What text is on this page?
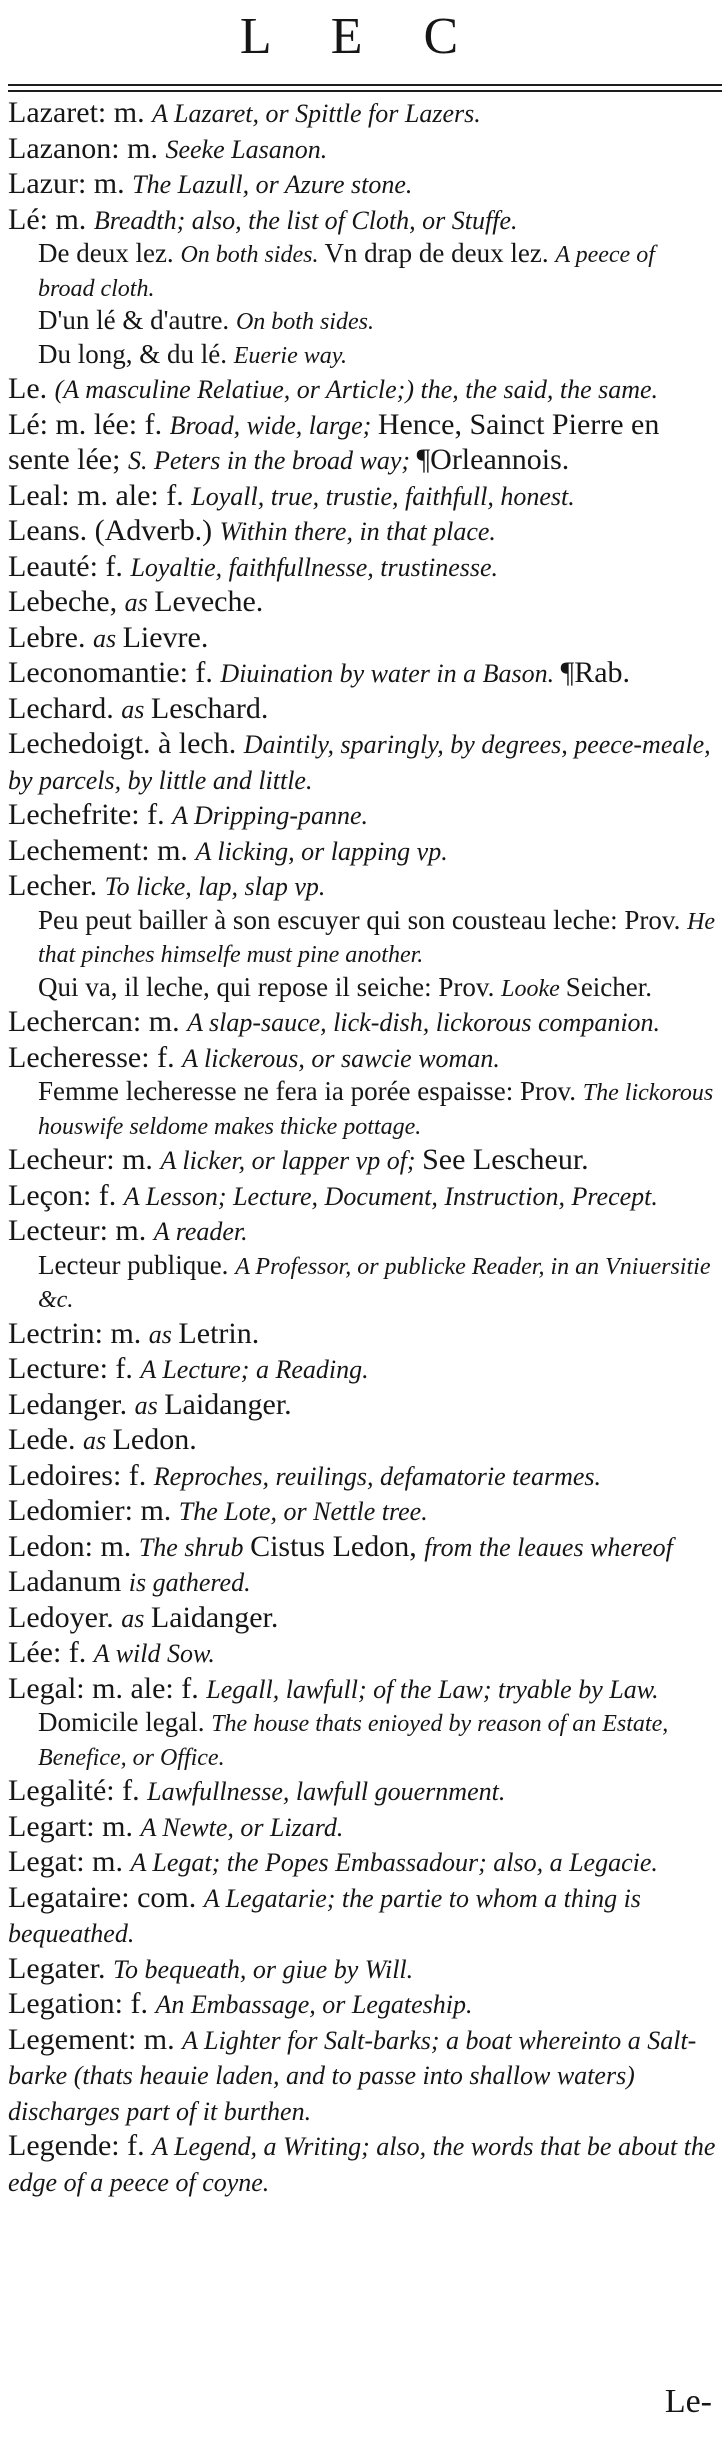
L E C

Lazaret: m. A Lazaret, or Spittle for Lazers.

Lazanon: m. Seeke Lasanon.

Lazur: m. The Lazull, or Azure stone.

Lé: m. Breadth; also, the list of Cloth, or Stuffe.

De deux lez. On both sides. Vn drap de deux lez. A peece of broad cloth.

D'un lé & d'autre. On both sides.

Du long, & du lé. Euerie way.

Le. (A masculine Relatiue, or Article;) the, the said, the same.

Lé: m. lée: f. Broad, wide, large; Hence, Sainct Pierre en sente lée; S. Peters in the broad way; ¶Orleannois.

Leal: m. ale: f. Loyall, true, trustie, faithfull, honest.

Leans. (Adverb.) Within there, in that place.

Leauté: f. Loyaltie, faithfullnesse, trustinesse.

Lebeche, as Leveche.

Lebre. as Lievre.

Leconomantie: f. Diuination by water in a Bason. ¶Rab.

Lechard. as Leschard.

Lechedoigt. à lech. Daintily, sparingly, by degrees, peece-meale, by parcels, by little and little.

Lechefrite: f. A Dripping-panne.

Lechement: m. A licking, or lapping vp.

Lecher. To licke, lap, slap vp.

Peu peut bailler à son escuyer qui son cousteau leche: Prov. He that pinches himselfe must pine another.

Qui va, il leche, qui repose il seiche: Prov. Looke Seicher.

Lechercan: m. A slap-sauce, lick-dish, lickorous companion.

Lecheresse: f. A lickerous, or sawcie woman.

Femme lecheresse ne fera ia porée espaisse: Prov. The lickorous houswife seldome makes thicke pottage.

Lecheur: m. A licker, or lapper vp of; See Lescheur.

Leçon: f. A Lesson; Lecture, Document, Instruction, Precept.

Lecteur: m. A reader.

Lecteur publique. A Professor, or publicke Reader, in an Vniuersitie &c.

Lectrin: m. as Letrin.

Lecture: f. A Lecture; a Reading.

Ledanger. as Laidanger.

Lede. as Ledon.

Ledoires: f. Reproches, reuilings, defamatorie tearmes.

Ledomier: m. The Lote, or Nettle tree.

Ledon: m. The shrub Cistus Ledon, from the leaues whereof Ladanum is gathered.

Ledoyer. as Laidanger.

Lée: f. A wild Sow.

Legal: m. ale: f. Legall, lawfull; of the Law; tryable by Law.

Domicile legal. The house thats enioyed by reason of an Estate, Benefice, or Office.

Legalité: f. Lawfullnesse, lawfull gouernment.

Legart: m. A Newte, or Lizard.

Legat: m. A Legat; the Popes Embassadour; also, a Legacie.

Legataire: com. A Legatarie; the partie to whom a thing is bequeathed.

Legater. To bequeath, or giue by Will.

Legation: f. An Embassage, or Legateship.

Legement: m. A Lighter for Salt-barks; a boat whereinto a Salt-barke (thats heauie laden, and to passe into shallow waters) discharges part of it burthen.

Legende: f. A Legend, a Writing; also, the words that be about the edge of a peece of coyne.

Le-
